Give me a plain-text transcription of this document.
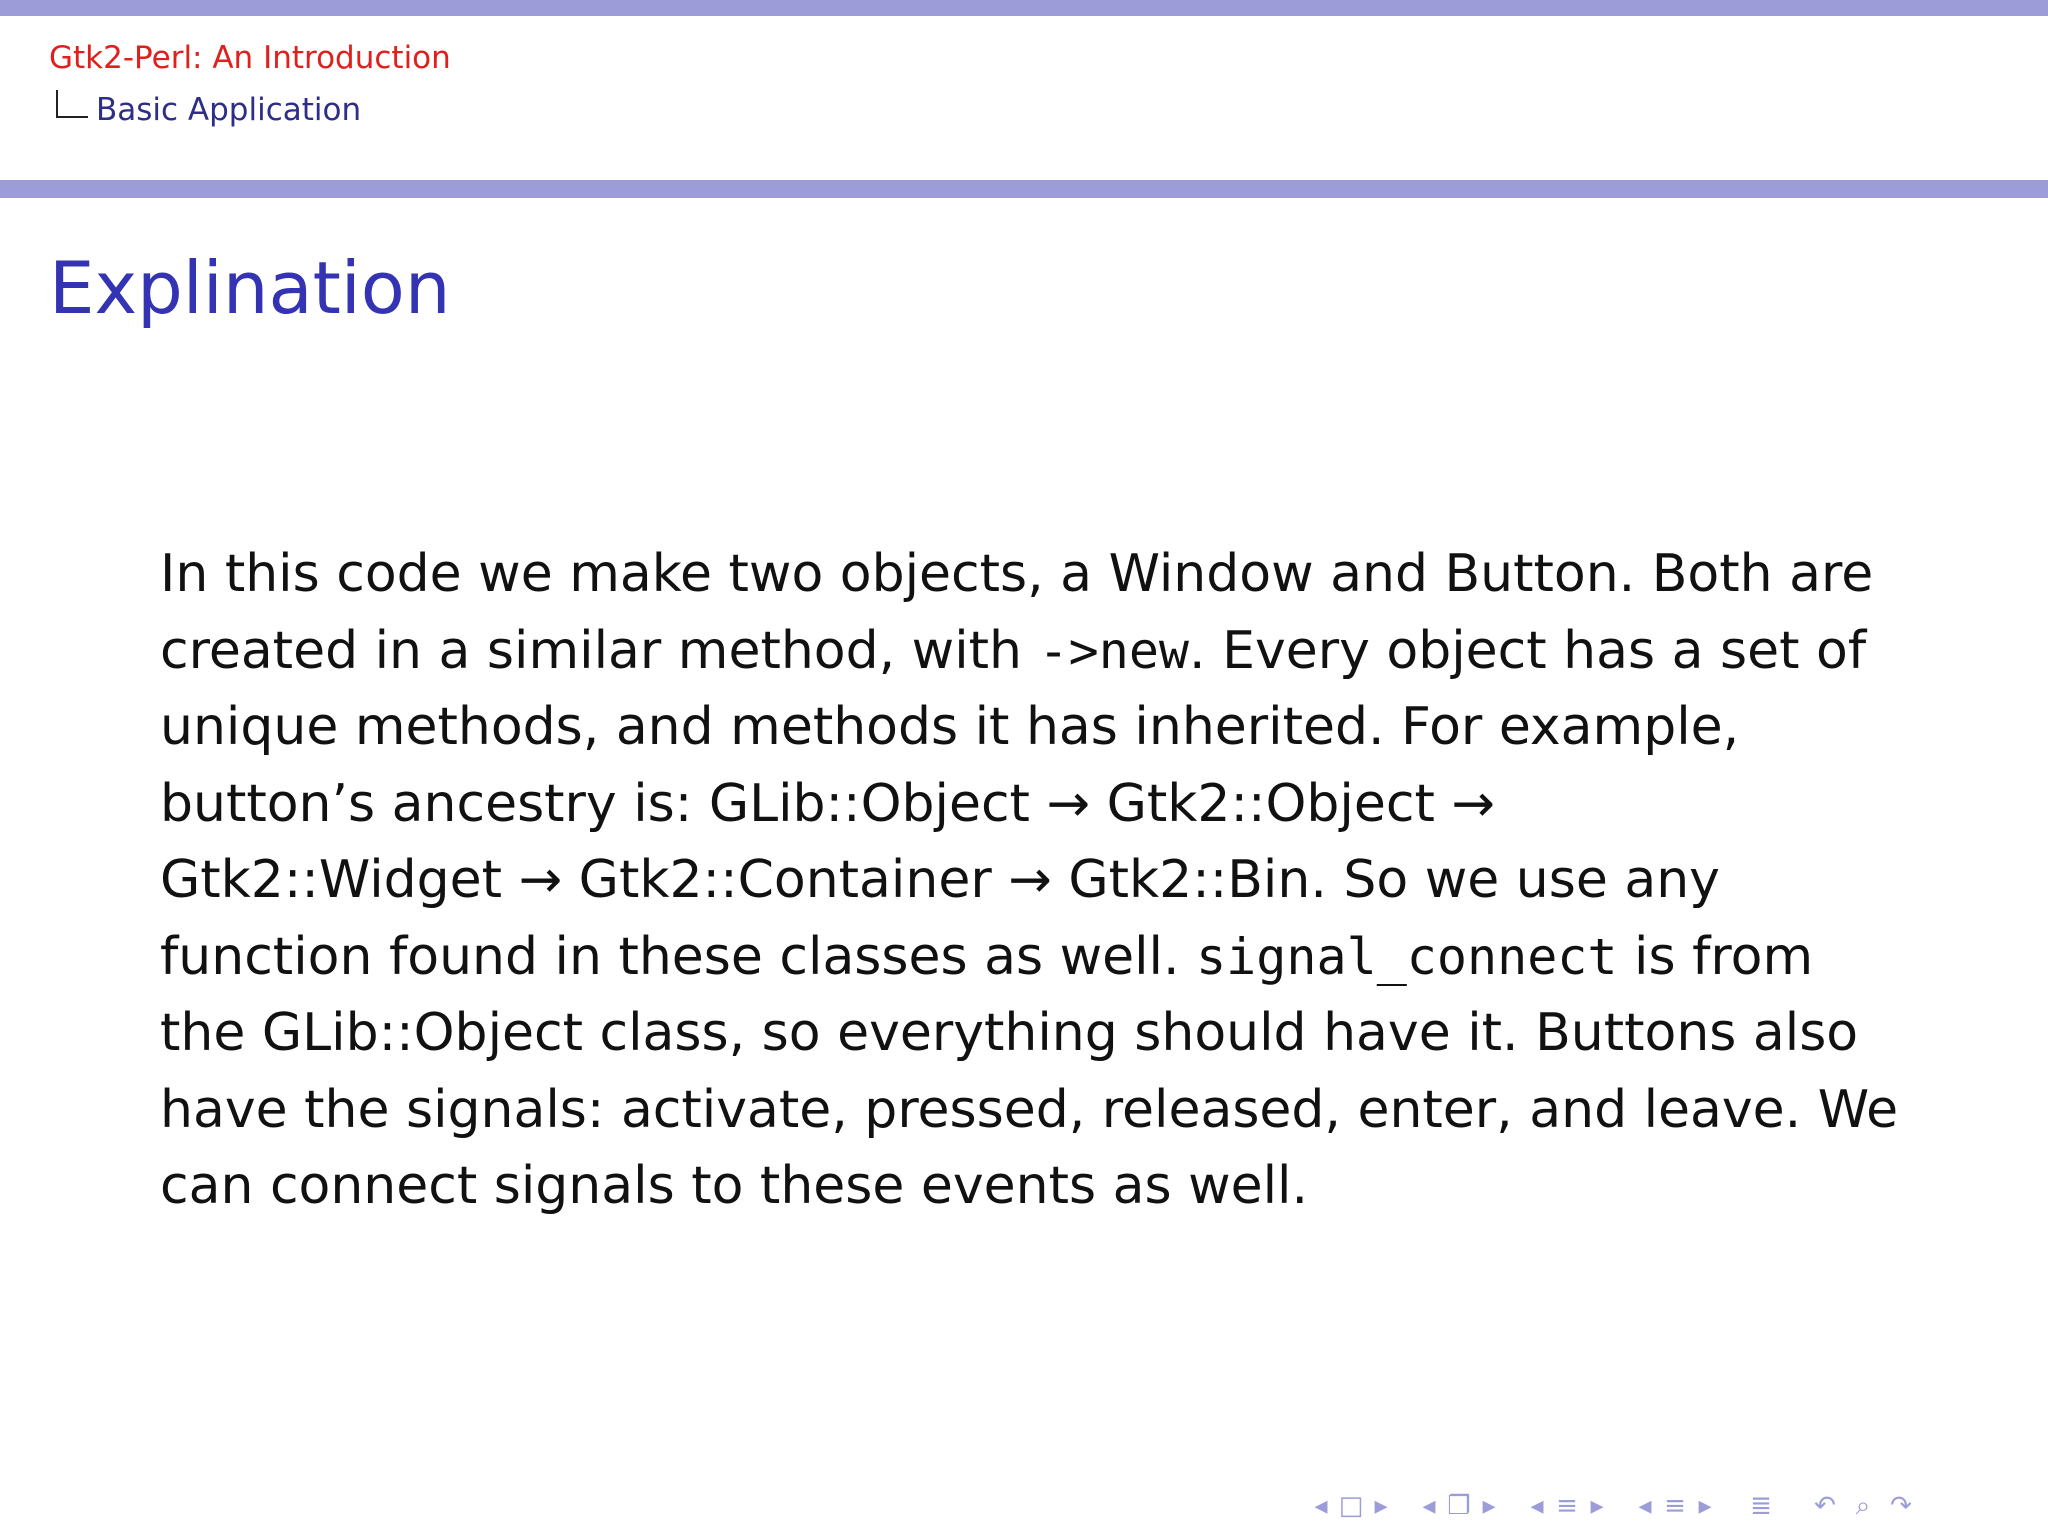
Gtk2-Perl: An Introduction
Basic Application
Explination
In this code we make two objects, a Window and Button. Both are
created in a similar method, with ->new. Every object has a set of
unique methods, and methods it has inherited. For example,
button’s ancestry is: GLib::Object → Gtk2::Object →
Gtk2::Widget → Gtk2::Container → Gtk2::Bin. So we use any
function found in these classes as well. signal_connect is from
the GLib::Object class, so everything should have it. Buttons also
have the signals: activate, pressed, released, enter, and leave. We
can connect signals to these events as well.
◂ □ ▸ ◂ ❐ ▸ ◂ ≡ ▸ ◂ ≡ ▸	≣	↶ ⌕ ↷
